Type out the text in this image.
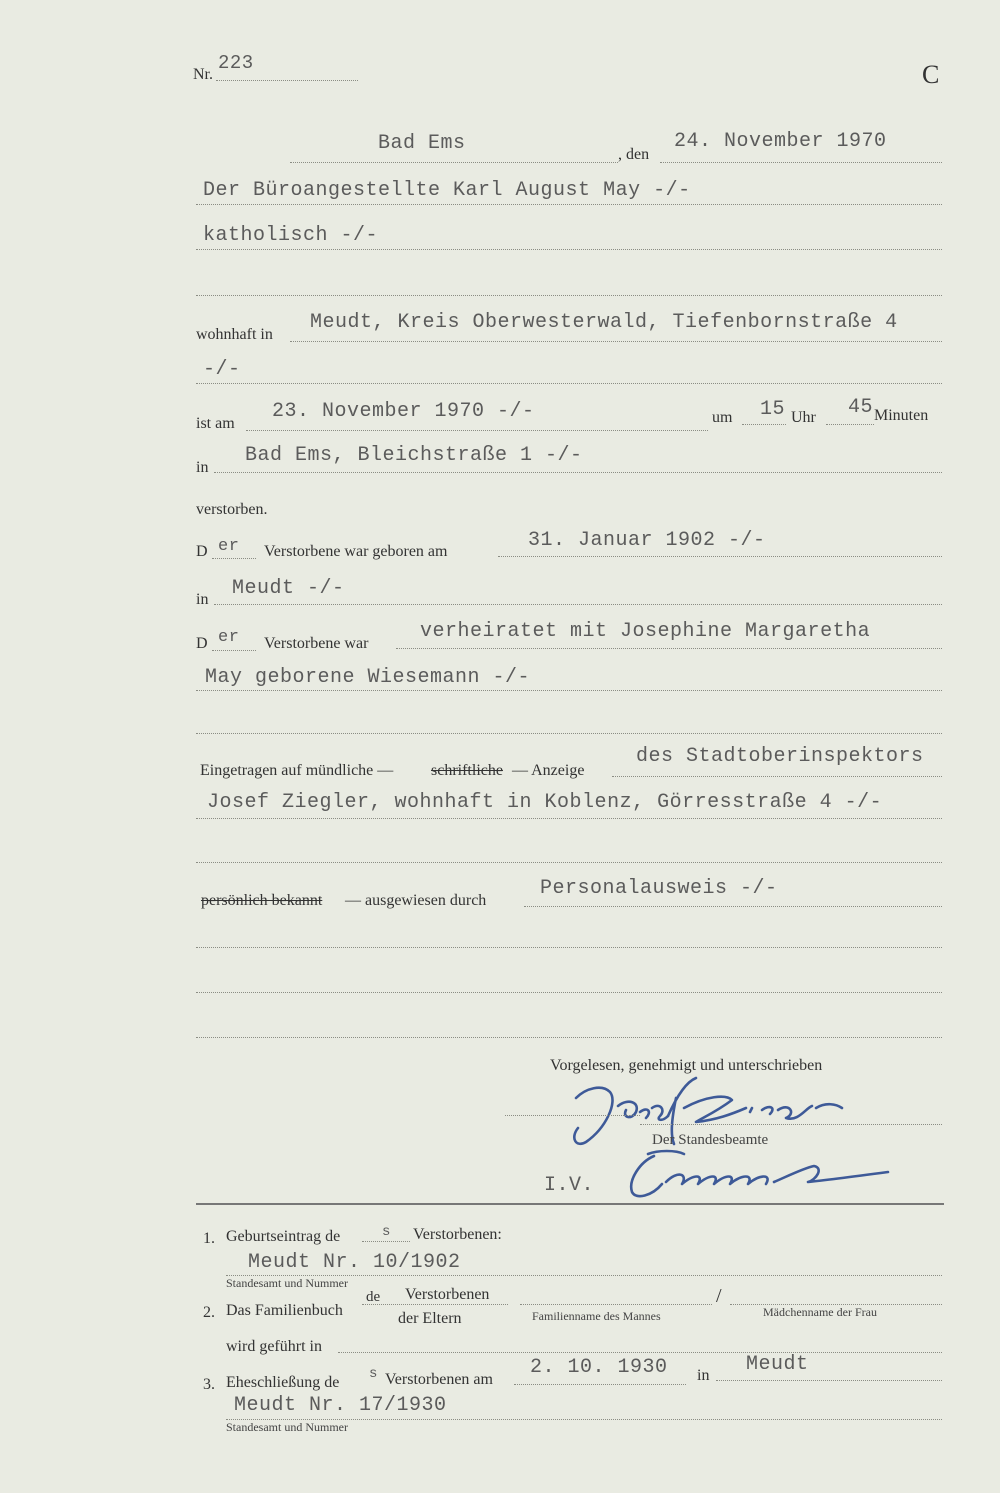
Nr.
223	C
Bad Ems	, den
24. November 1970
Der Büroangestellte Karl August May -/-
katholisch -/-
wohnhaft in
Meudt, Kreis Oberwesterwald, Tiefenbornstraße 4
-/-
ist am
23. November 1970 -/-	um 15 Uhr 45 Minuten
in
Bad Ems, Bleichstraße 1 -/-
verstorben.
D er Verstorbene war geboren am	31. Januar 1902 -/-
in Meudt -/-
D er Verstorbene war
verheiratet mit Josephine Margaretha
May geborene Wiesemann -/-
Eingetragen auf mündliche — schriftliche — Anzeige
des Stadtoberinspektors
Josef Ziegler, wohnhaft in Koblenz, Görresstraße 4 -/-
persönlich bekannt — ausgewiesen durch
Personalausweis -/-
Vorgelesen, genehmigt und unterschrieben
Der Standesbeamte
I.V.
1. Geburtseintrag de	s Verstorbenen:
Meudt Nr. 10/1902
Standesamt und Nummer
2. Das Familienbuch
de Verstorbenen
der Eltern	Familienname des Mannes
/
Mädchenname der Frau
wird geführt in
3. Eheschließung de s Verstorbenen am
2. 10. 1930 in Meudt
Meudt Nr. 17/1930
Standesamt und Nummer
